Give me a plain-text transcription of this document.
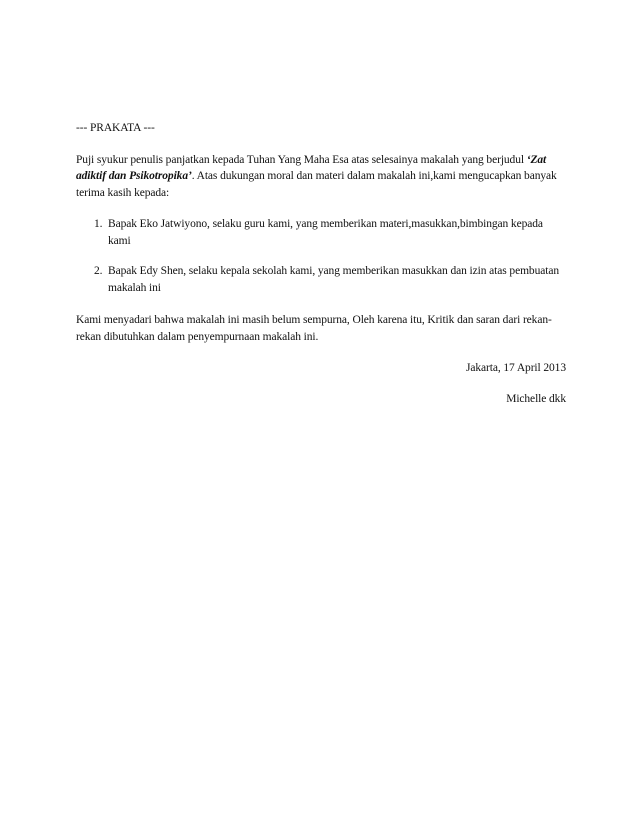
--- PRAKATA ---

Puji syukur penulis panjatkan kepada Tuhan Yang Maha Esa atas selesainya makalah yang berjudul ‘Zat adiktif dan Psikotropika’. Atas dukungan moral dan materi dalam makalah ini,kami mengucapkan banyak terima kasih kepada:

1. Bapak Eko Jatwiyono, selaku guru kami, yang memberikan materi,masukkan,bimbingan kepada kami
2. Bapak Edy Shen, selaku kepala sekolah kami, yang memberikan masukkan dan izin atas pembuatan makalah ini

Kami menyadari bahwa makalah ini masih belum sempurna, Oleh karena itu, Kritik dan saran dari rekan-rekan dibutuhkan dalam penyempurnaan makalah ini.

Jakarta, 17 April 2013

Michelle dkk
